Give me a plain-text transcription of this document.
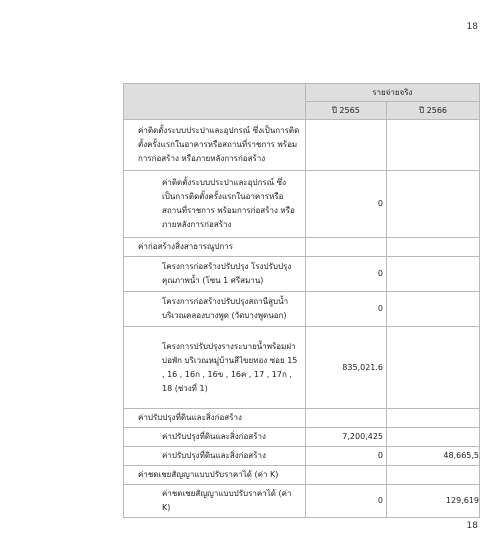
18
	รายจ่ายจริง	
	ปี 2565	ปี 2566
ค่าติดตั้งระบบประปาและอุปกรณ์ ซึ่งเป็นการติดตั้งครั้งแรกในอาคารหรือสถานที่ราชการ พร้อมการก่อสร้าง หรือภายหลังการก่อสร้าง		
ค่าติดตั้งระบบประปาและอุปกรณ์ ซึ่งเป็นการติดตั้งครั้งแรกในอาคารหรือ สถานที่ราชการ พร้อมการก่อสร้าง หรือภายหลังการก่อสร้าง	0	
ค่าก่อสร้างสิ่งสาธารณูปการ		
โครงการก่อสร้างปรับปรุง โรงปรับปรุงคุณภาพน้ำ (โซน 1 ศรีสมาน)	0	
โครงการก่อสร้างปรับปรุงสถานีสูบน้ำ บริเวณคลองบางพูด (วัดบางพูดนอก)	0	
โครงการปรับปรุงรางระบายน้ำพร้อมฝาบ่อพัก บริเวณหมู่บ้านสีไขยทอง ซอย 15 , 16 , 16ก , 16ข , 16ค , 17 , 17ก , 18 (ช่วงที่ 1)	835,021.6	
ค่าปรับปรุงที่ดินและสิ่งก่อสร้าง		
ค่าปรับปรุงที่ดินและสิ่งก่อสร้าง	7,200,425	
ค่าปรับปรุงที่ดินและสิ่งก่อสร้าง	0	48,665,5
ค่าชดเชยสัญญาแบบปรับราคาได้ (ค่า K)		
ค่าชดเชยสัญญาแบบปรับราคาได้ (ค่า K)	0	129,619
18
